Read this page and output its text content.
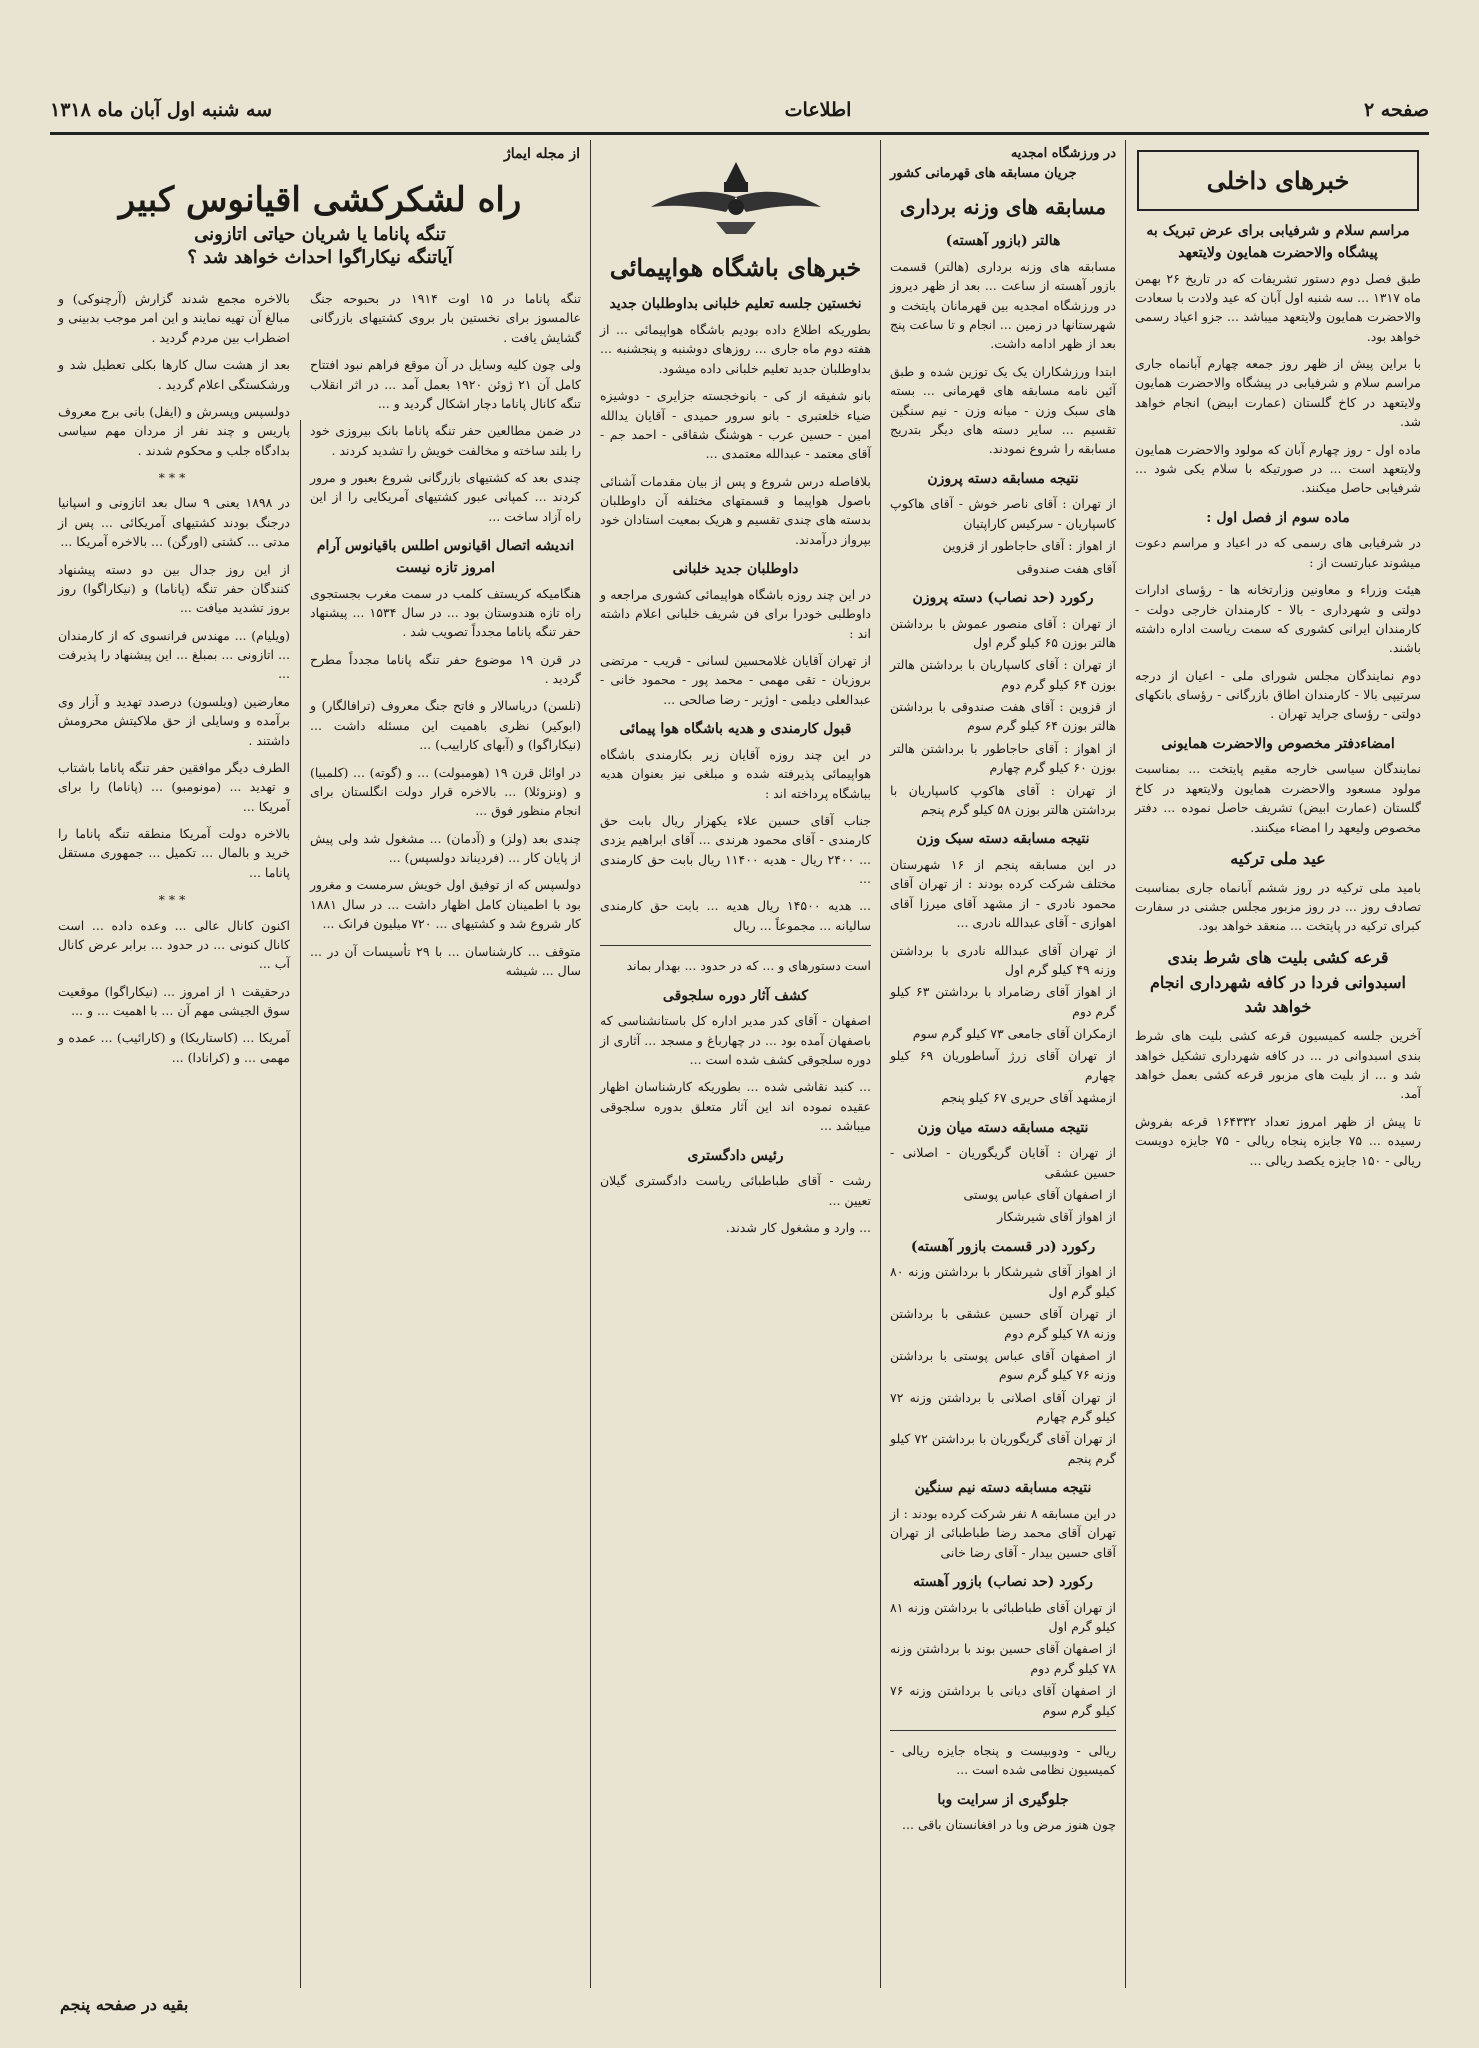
صفحه ۲
اطلاعات
سه شنبه اول آبان ماه ۱۳۱۸
خبرهای داخلی
مراسم سلام و شرفیابی برای عرض تبریک به پیشگاه والاحضرت همایون ولایتعهد

طبق فصل دوم دستور تشریفات که در تاریخ ۲۶ بهمن ماه ۱۳۱۷ ... سه شنبه اول آبان که عید ولادت با سعادت والاحضرت همایون ولایتعهد میباشد ... جزو اعیاد رسمی خواهد بود.

با براین پیش از ظهر روز جمعه چهارم آبانماه جاری مراسم سلام و شرفیابی در پیشگاه والاحضرت همایون ولایتعهد در کاخ گلستان (عمارت ابیض) انجام خواهد شد.

ماده اول - روز چهارم آبان که مولود والاحضرت همایون ولایتعهد است ... در صورتیکه با سلام یکی شود ... شرفیابی حاصل میکنند.

ماده سوم از فصل اول :

در شرفیابی های رسمی که در اعیاد و مراسم دعوت میشوند عبارتست از :

هیئت وزراء و معاونین وزارتخانه ها - رؤسای ادارات دولتی و شهرداری - بالا - کارمندان خارجی دولت - کارمندان ایرانی کشوری که سمت ریاست اداره داشته باشند.

دوم نمایندگان مجلس شورای ملی - اعیان از درجه سرتیپی بالا - کارمندان اطاق بازرگانی - رؤسای بانکهای دولتی - رؤسای جراید تهران .

امضاءدفتر مخصوص والاحضرت همایونی

نمایندگان سیاسی خارجه مقیم پایتخت ... بمناسبت مولود مسعود والاحضرت همایون ولایتعهد در کاخ گلستان (عمارت ابیض) تشریف حاصل نموده ... دفتر مخصوص ولیعهد را امضاء میکنند.

عید ملی ترکیه

بامید ملی ترکیه در روز ششم آبانماه جاری بمناسبت تصادف روز ... در روز مزبور مجلس جشنی در سفارت کبرای ترکیه در پایتخت ... منعقد خواهد بود.

قرعه کشی بلیت های شرط بندی اسبدوانی فردا در کافه شهرداری انجام خواهد شد

آخرین جلسه کمیسیون قرعه کشی بلیت های شرط بندی اسبدوانی در ... در کافه شهرداری تشکیل خواهد شد و ... از بلیت های مزبور قرعه کشی بعمل خواهد آمد.

تا پیش از ظهر امروز تعداد ۱۶۴۳۳۲ قرعه بفروش رسیده ... ۷۵ جایزه پنجاه ریالی - ۷۵ جایزه دویست ریالی - ۱۵۰ جایزه یکصد ریالی ...

در ورزشگاه امجدیه
جریان مسابقه های قهرمانی کشور
مسابقه های وزنه برداری
هالتر (بازور آهسته)

مسابقه های وزنه برداری (هالتر) قسمت بازور آهسته از ساعت ... بعد از ظهر دیروز در ورزشگاه امجدیه بین قهرمانان پایتخت و شهرستانها در زمین ... انجام و تا ساعت پنج بعد از ظهر ادامه داشت.

ابتدا ورزشکاران یک یک توزین شده و طبق آئین نامه مسابقه های قهرمانی ... بسته های سبک وزن - میانه وزن - نیم سنگین تقسیم ... سایر دسته های دیگر بتدریج مسابقه را شروع نمودند.

نتیجه مسابقه دسته پروزن
از تهران : آقای ناصر خوش - آقای هاکوپ کاسپاریان - سرکیس کاراپتیان
از اهواز : آقای حاجاطور از قزوین
آقای هفت صندوقی
رکورد (حد نصاب) دسته پروزن
از تهران : آقای منصور عموش با برداشتن هالتر بوزن ۶۵ کیلو گرم اول
از تهران : آقای کاسپاریان با برداشتن هالتر بوزن ۶۴ کیلو گرم دوم
از قزوین : آقای هفت صندوقی با برداشتن هالتر بوزن ۶۴ کیلو گرم سوم
از اهواز : آقای حاجاطور با برداشتن هالتر بوزن ۶۰ کیلو گرم چهارم
از تهران : آقای هاکوپ کاسپاریان با برداشتن هالتر بوزن ۵۸ کیلو گرم پنجم
نتیجه مسابقه دسته سبک وزن

در این مسابقه پنجم از ۱۶ شهرستان مختلف شرکت کرده بودند : از تهران آقای محمود نادری - از مشهد آقای میرزا آقای اهوازی - آقای عبدالله نادری ...

از تهران آقای عبدالله نادری با برداشتن وزنه ۴۹ کیلو گرم اول
از اهواز آقای رضامراد با برداشتن ۶۳ کیلو گرم دوم
ازمکران آقای جامعی ۷۳ کیلو گرم سوم
از تهران آقای زرژ آساطوریان ۶۹ کیلو چهارم
ازمشهد آقای حریری ۶۷ کیلو پنجم
نتیجه مسابقه دسته میان وزن
از تهران : آقایان گریگوریان - اصلانی - حسین عشقی
از اصفهان آقای عباس پوستی
از اهواز آقای شیرشکار
رکورد (در قسمت بازور آهسته)
از اهواز آقای شیرشکار با برداشتن وزنه ۸۰ کیلو گرم اول
از تهران آقای حسین عشقی با برداشتن وزنه ۷۸ کیلو گرم دوم
از اصفهان آقای عباس پوستی با برداشتن وزنه ۷۶ کیلو گرم سوم
از تهران آقای اصلانی با برداشتن وزنه ۷۲ کیلو گرم چهارم
از تهران آقای گریگوریان با برداشتن ۷۲ کیلو گرم پنجم
نتیجه مسابقه دسته نیم سنگین

در این مسابقه ۸ نفر شرکت کرده بودند : از تهران آقای محمد رضا طباطبائی از تهران آقای حسین بیدار - آقای رضا خانی

رکورد (حد نصاب) بازور آهسته
از تهران آقای طباطبائی با برداشتن وزنه ۸۱ کیلو گرم اول
از اصفهان آقای حسین بوند با برداشتن وزنه ۷۸ کیلو گرم دوم
از اصفهان آقای دیانی با برداشتن وزنه ۷۶ کیلو گرم سوم

ریالی - ودوبیست و پنجاه جایزه ریالی - کمیسیون نظامی شده است ...

جلوگیری از سرایت وبا

چون هنوز مرض وبا در افغانستان باقی ...

خبرهای باشگاه هواپیمائی
نخستین جلسه تعلیم خلبانی بداوطلبان جدید

بطوریکه اطلاع داده بودیم باشگاه هواپیمائی ... از هفته دوم ماه جاری ... روزهای دوشنبه و پنجشنبه ... بداوطلبان جدید تعلیم خلبانی داده میشود.

بانو شفیقه از کی - بانوخجسته جزایری - دوشیزه ضیاء خلعتبری - بانو سرور حمیدی - آقایان یدالله امین - حسین عرب - هوشنگ شقاقی - احمد جم - آقای معتمد - عبدالله معتمدی ...

بلافاصله درس شروع و پس از بیان مقدمات آشنائی باصول هواپیما و قسمتهای مختلفه آن داوطلبان بدسته های چندی تقسیم و هریک بمعیت استادان خود بپرواز درآمدند.

داوطلبان جدید خلبانی

در این چند روزه باشگاه هواپیمائی کشوری مراجعه و داوطلبی خودرا برای فن شریف خلبانی اعلام داشته اند :

از تهران آقایان غلامحسین لسانی - قریب - مرتضی بروزیان - تقی مهمی - محمد پور - محمود خانی - عبدالعلی دیلمی - اوژیر - رضا صالحی ...

قبول کارمندی و هدیه باشگاه هوا پیمائی

در این چند روزه آقایان زیر بکارمندی باشگاه هواپیمائی پذیرفته شده و مبلغی نیز بعنوان هدیه بباشگاه پرداخته اند :

جناب آقای حسین علاء یکهزار ریال بابت حق کارمندی - آقای محمود هرندی ... آقای ابراهیم یزدی ... ۲۴۰۰ ریال - هدیه ۱۱۴۰۰ ریال بابت حق کارمندی ...

... هدیه ۱۴۵۰۰ ریال هدیه ... بابت حق کارمندی سالیانه ... مجموعاً ... ریال

است دستورهای و ... که در حدود ... بهدار بماند

کشف آثار دوره سلجوقی

اصفهان - آقای کدر مدیر اداره کل باستانشناسی که باصفهان آمده بود ... در چهارباغ و مسجد ... آثاری از دوره سلجوقی کشف شده است ...

... کنبد نقاشی شده ... بطوریکه کارشناسان اظهار عقیده نموده اند این آثار متعلق بدوره سلجوقی میباشد ...

رئیس دادگستری

رشت - آقای طباطبائی ریاست دادگستری گیلان تعیین ...

... وارد و مشغول کار شدند.

از مجله ایماژ
راه لشکرکشی اقیانوس کبیر
تنگه پاناما یا شریان حیاتی اتازونی
آیاتنگه نیکاراگوا احداث خواهد شد ؟

تنگه پاناما در ۱۵ اوت ۱۹۱۴ در بحبوحه جنگ عالمسوز برای نخستین بار بروی کشتیهای بازرگانی گشایش یافت .

ولی چون کلیه وسایل در آن موقع فراهم نبود افتتاح کامل آن ۲۱ ژوئن ۱۹۲۰ بعمل آمد ... در اثر انقلاب تنگه کانال پاناما دچار اشکال گردید و ...

در ضمن مطالعین حفر تنگه پاناما بانک بیروزی خود را بلند ساخته و مخالفت خویش را تشدید کردند .

چندی بعد که کشتیهای بازرگانی شروع بعبور و مرور کردند ... کمپانی عبور کشتیهای آمریکایی را از این راه آزاد ساخت ...

اندیشه اتصال اقیانوس اطلس باقیانوس آرام امروز تازه نیست

هنگامیکه کریستف کلمب در سمت مغرب بجستجوی راه تازه هندوستان بود ... در سال ۱۵۳۴ ... پیشنهاد حفر تنگه پاناما مجدداً تصویب شد .

در قرن ۱۹ موضوع حفر تنگه پاناما مجدداً مطرح گردید .

(نلسن) دریاسالار و فاتح جنگ معروف (ترافالگار) و (ابوکیر) نظری باهمیت این مسئله داشت ... (نیکاراگوا) و (آبهای کاراییب) ...

در اوائل قرن ۱۹ (هومبولت) ... و (گوته) ... (کلمبیا) و (ونزوئلا) ... بالاخره قرار دولت انگلستان برای انجام منظور فوق ...

چندی بعد (ولز) و (آدمان) ... مشغول شد ولی پیش از پایان کار ... (فردیناند دولسپس) ...

دولسپس که از توفیق اول خویش سرمست و مغرور بود با اطمینان کامل اظهار داشت ... در سال ۱۸۸۱ کار شروع شد و کشتیهای ... ۷۲۰ میلیون فرانک ...

متوقف ... کارشناسان ... با ۲۹ تأسیسات آن در ... سال ... شیشه

بالاخره مجمع شدند گزارش (آرچنوکی) و مبالغ آن تهیه نمایند و این امر موجب بدبینی و اضطراب بین مردم گردید .

بعد از هشت سال کارها بکلی تعطیل شد و ورشکستگی اعلام گردید .

دولسپس وپسرش و (ایفل) بانی برج معروف پاریس و چند نفر از مردان مهم سیاسی بدادگاه جلب و محکوم شدند .

***

در ۱۸۹۸ یعنی ۹ سال بعد اتازونی و اسپانیا درجنگ بودند کشتیهای آمریکائی ... پس از مدتی ... کشتی (اورگن) ... بالاخره آمریکا ...

از این روز جدال بین دو دسته پیشنهاد کنندگان حفر تنگه (پاناما) و (نیکاراگوا) روز بروز تشدید میافت ...

(ویلیام) ... مهندس فرانسوی که از کارمندان ... اتازونی ... بمبلغ ... این پیشنهاد را پذیرفت ...

معارضین (ویلسون) درصدد تهدید و آزار وی برآمده و وسایلی از حق ملاکیتش محرومش داشتند .

الطرف دیگر موافقین حفر تنگه پاناما باشتاب و تهدید ... (مونومبو) ... (پاناما) را برای آمریکا ...

بالاخره دولت آمریکا منطقه تنگه پاناما را خرید و بالمال ... تکمیل ... جمهوری مستقل پاناما ...

***

اکنون کانال عالی ... وعده داده ... است کانال کنونی ... در حدود ... برابر عرض کانال آب ...

درحقیقت ۱ از امروز ... (نیکاراگوا) موقعیت سوق الجیشی مهم آن ... با اهمیت ... و ...

آمریکا ... (کاستاریکا) و (کارائیب) ... عمده و مهمی ... و (کرانادا) ...

بقیه در صفحه پنجم
